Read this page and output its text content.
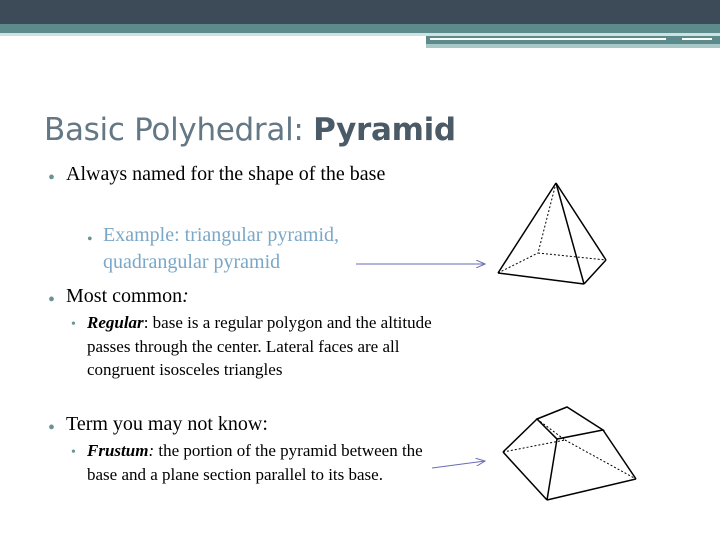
Basic Polyhedral: Pyramid
• Always named for the shape of the base
• Example: triangular pyramid, quadrangular pyramid
• Most common:
• Regular: base is a regular polygon and the altitude passes through the center. Lateral faces are all congruent isosceles triangles
• Term you may not know:
• Frustum: the portion of the pyramid between the base and a plane section parallel to its base.
